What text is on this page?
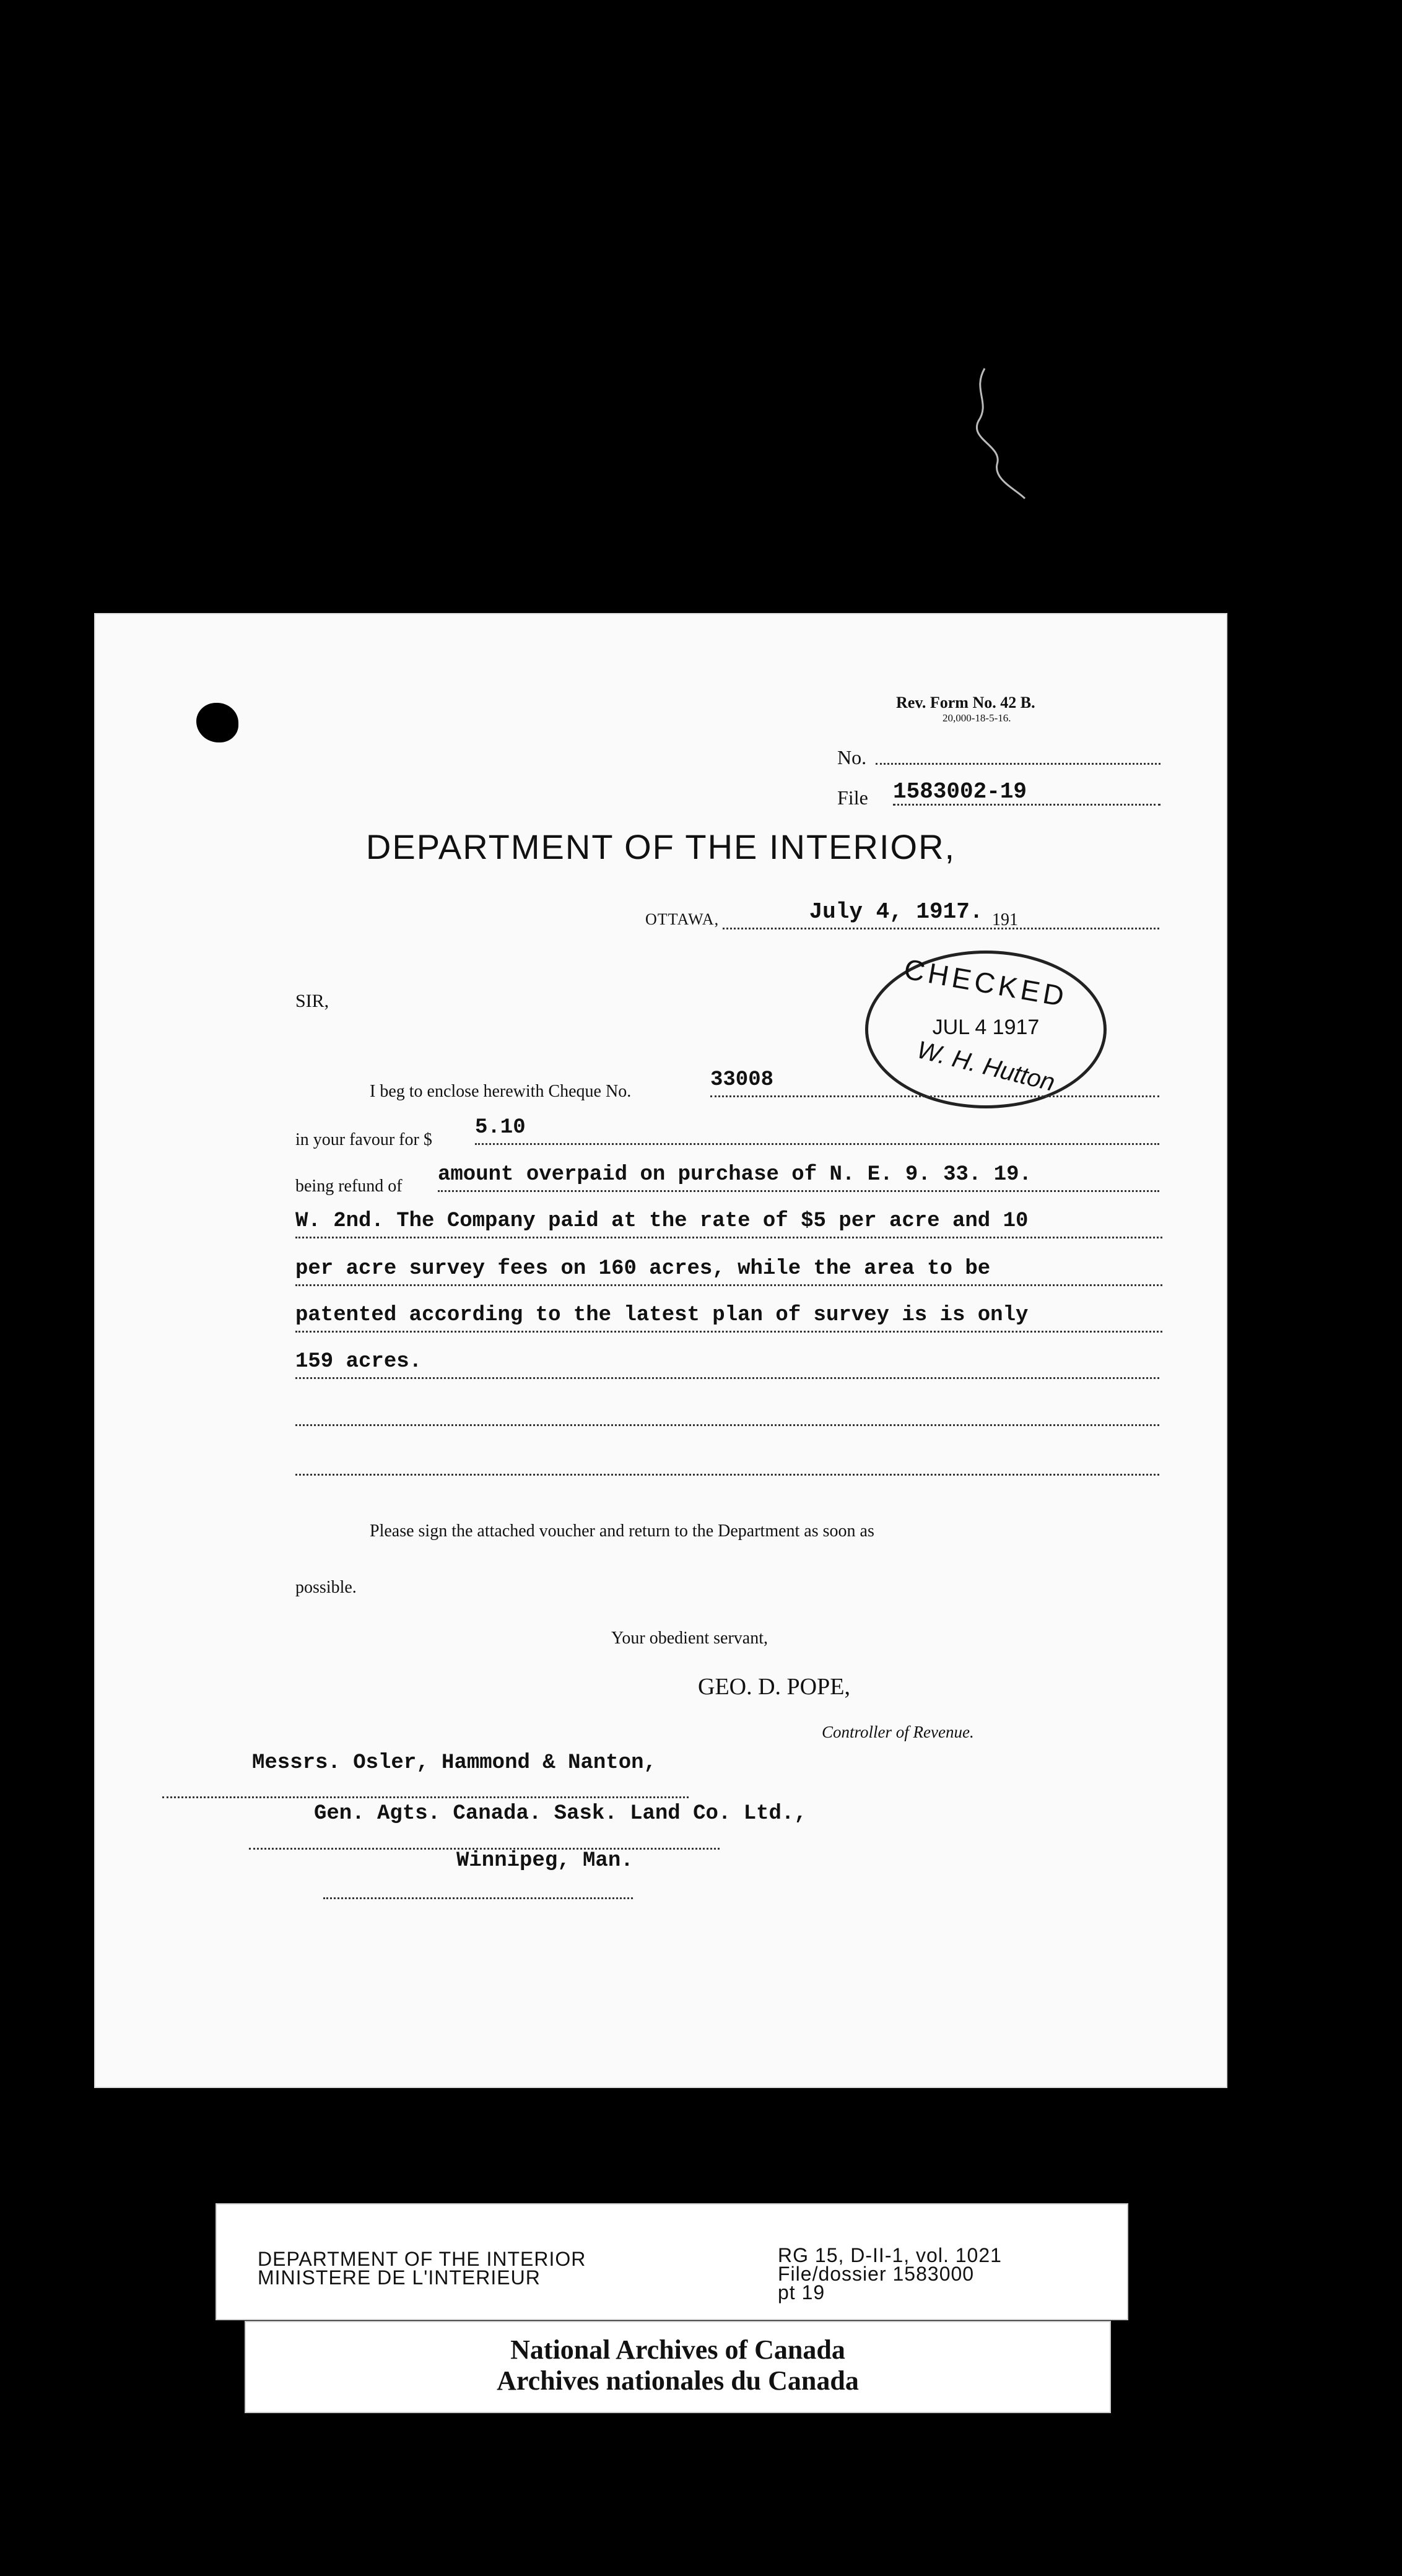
Rev. Form No. 42 B.
20,000-18-5-16.
No.
File 1583002-19
DEPARTMENT OF THE INTERIOR,
OTTAWA,	July 4, 1917. 191
CHECKED
JUL 4 1917
W. H. Hutton
SIR,
I beg to enclose herewith Cheque No.	33008
in your favour for $
5.10
being refund of amount overpaid on purchase of N. E. 9. 33. 19.
W. 2nd. The Company paid at the rate of $5 per acre and 10
per acre survey fees on 160 acres, while the area to be
patented according to the latest plan of survey is is only
159 acres.
Please sign the attached voucher and return to the Department as soon as
possible.
Your obedient servant,
GEO. D. POPE,
Controller of Revenue.
Messrs. Osler, Hammond & Nanton,
Gen. Agts. Canada. Sask. Land Co. Ltd.,
Winnipeg, Man.
DEPARTMENT OF THE INTERIOR
MINISTERE DE L'INTERIEUR
RG 15, D-II-1, vol. 1021
File/dossier 1583000
pt 19
National Archives of Canada
Archives nationales du Canada
